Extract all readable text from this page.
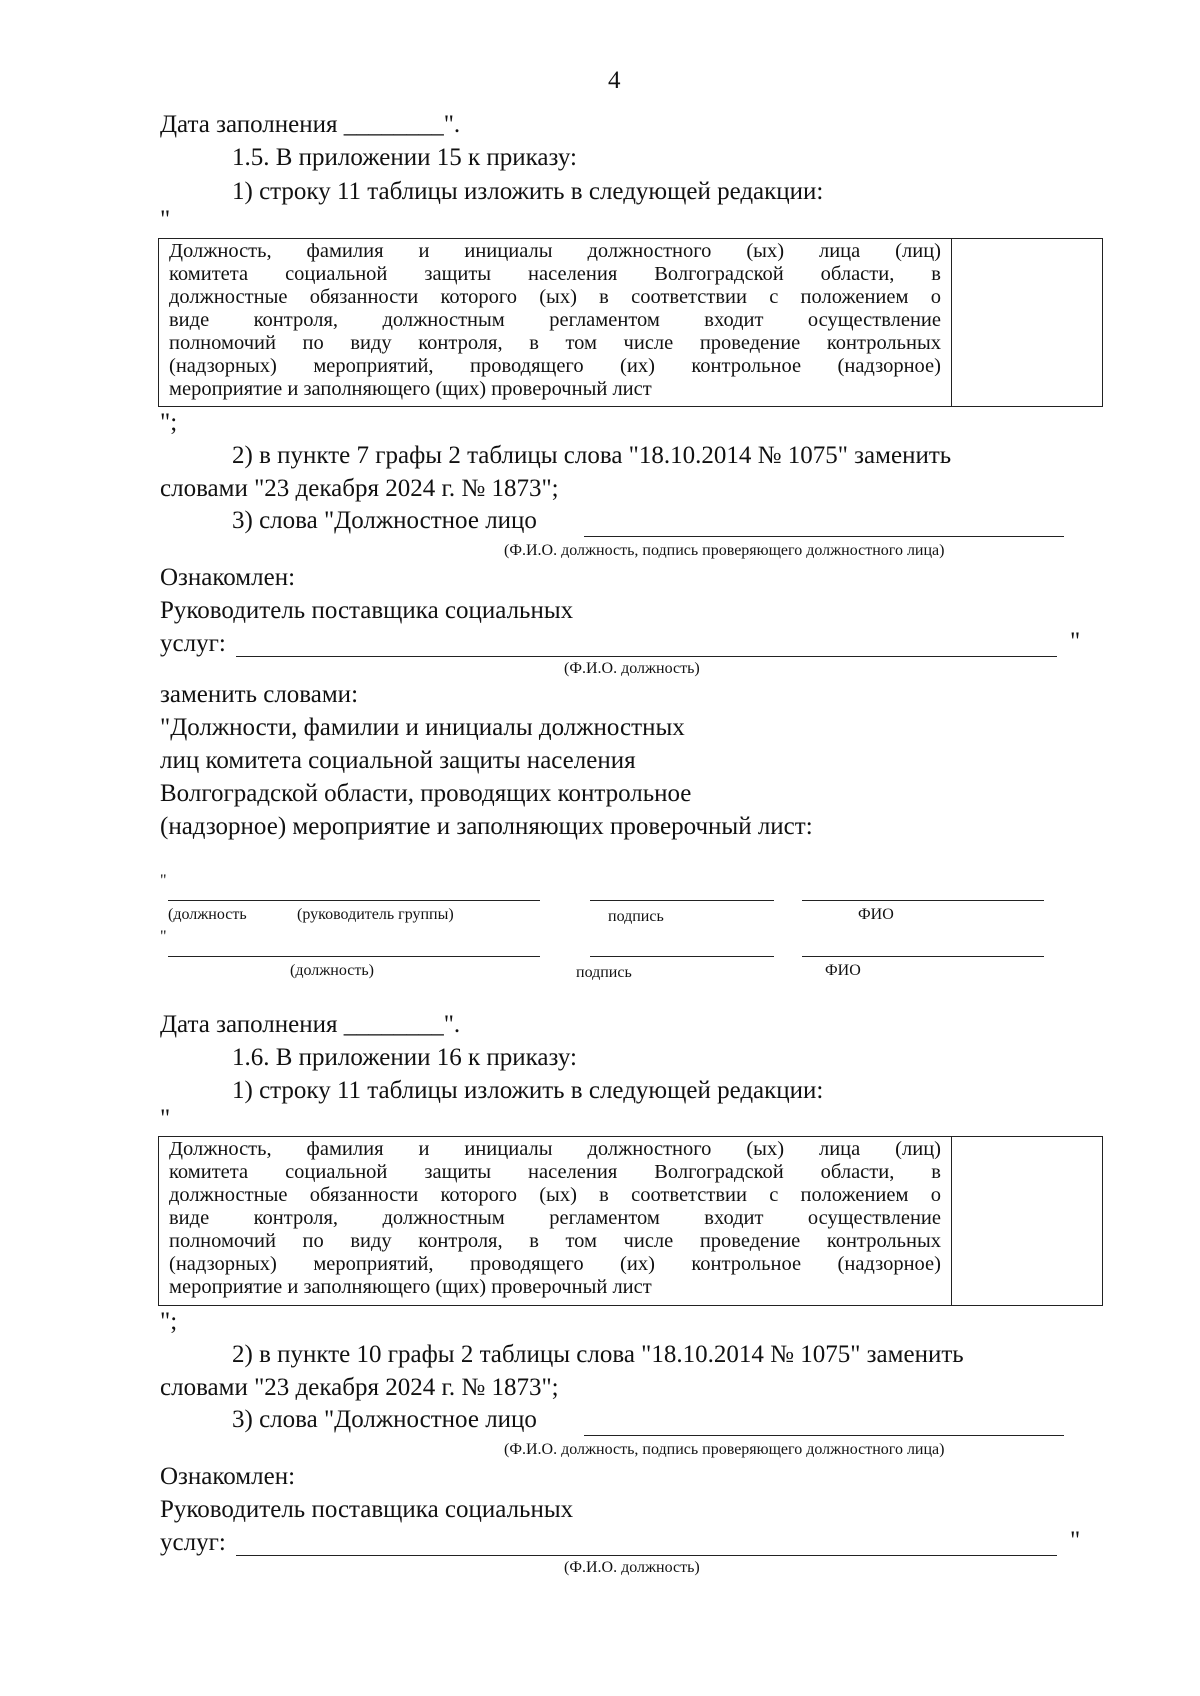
4
Дата заполнения ________".
1.5. В приложении 15 к приказу:
1) строку 11 таблицы изложить в следующей редакции:
"
Должность, фамилия и инициалы должностного (ых) лица (лиц)
комитета социальной защиты населения Волгоградской области, в
должностные обязанности которого (ых) в соответствии с положением о
виде контроля, должностным регламентом входит осуществление
полномочий по виду контроля, в том числе проведение контрольных
(надзорных) мероприятий, проводящего (их) контрольное (надзорное)
мероприятие и заполняющего (щих) проверочный лист
";
2) в пункте 7 графы 2 таблицы слова "18.10.2014 № 1075" заменить
словами "23 декабря 2024 г. № 1873";
3) слова "Должностное лицо
(Ф.И.О. должность, подпись проверяющего должностного лица)
Ознакомлен:
Руководитель поставщика социальных
услуг:	"
(Ф.И.О. должность)
заменить словами:
"Должности, фамилии и инициалы должностных
лиц комитета социальной защиты населения
Волгоградской области, проводящих контрольное
(надзорное) мероприятие и заполняющих проверочный лист:
"
(должность	(руководитель группы)	подпись	ФИО
"
(должность)	подпись	ФИО
Дата заполнения ________".
1.6. В приложении 16 к приказу:
1) строку 11 таблицы изложить в следующей редакции:
"
Должность, фамилия и инициалы должностного (ых) лица (лиц)
комитета социальной защиты населения Волгоградской области, в
должностные обязанности которого (ых) в соответствии с положением о
виде контроля, должностным регламентом входит осуществление
полномочий по виду контроля, в том числе проведение контрольных
(надзорных) мероприятий, проводящего (их) контрольное (надзорное)
мероприятие и заполняющего (щих) проверочный лист
";
2) в пункте 10 графы 2 таблицы слова "18.10.2014 № 1075" заменить
словами "23 декабря 2024 г. № 1873";
3) слова "Должностное лицо
(Ф.И.О. должность, подпись проверяющего должностного лица)
Ознакомлен:
Руководитель поставщика социальных
услуг:	"
(Ф.И.О. должность)
